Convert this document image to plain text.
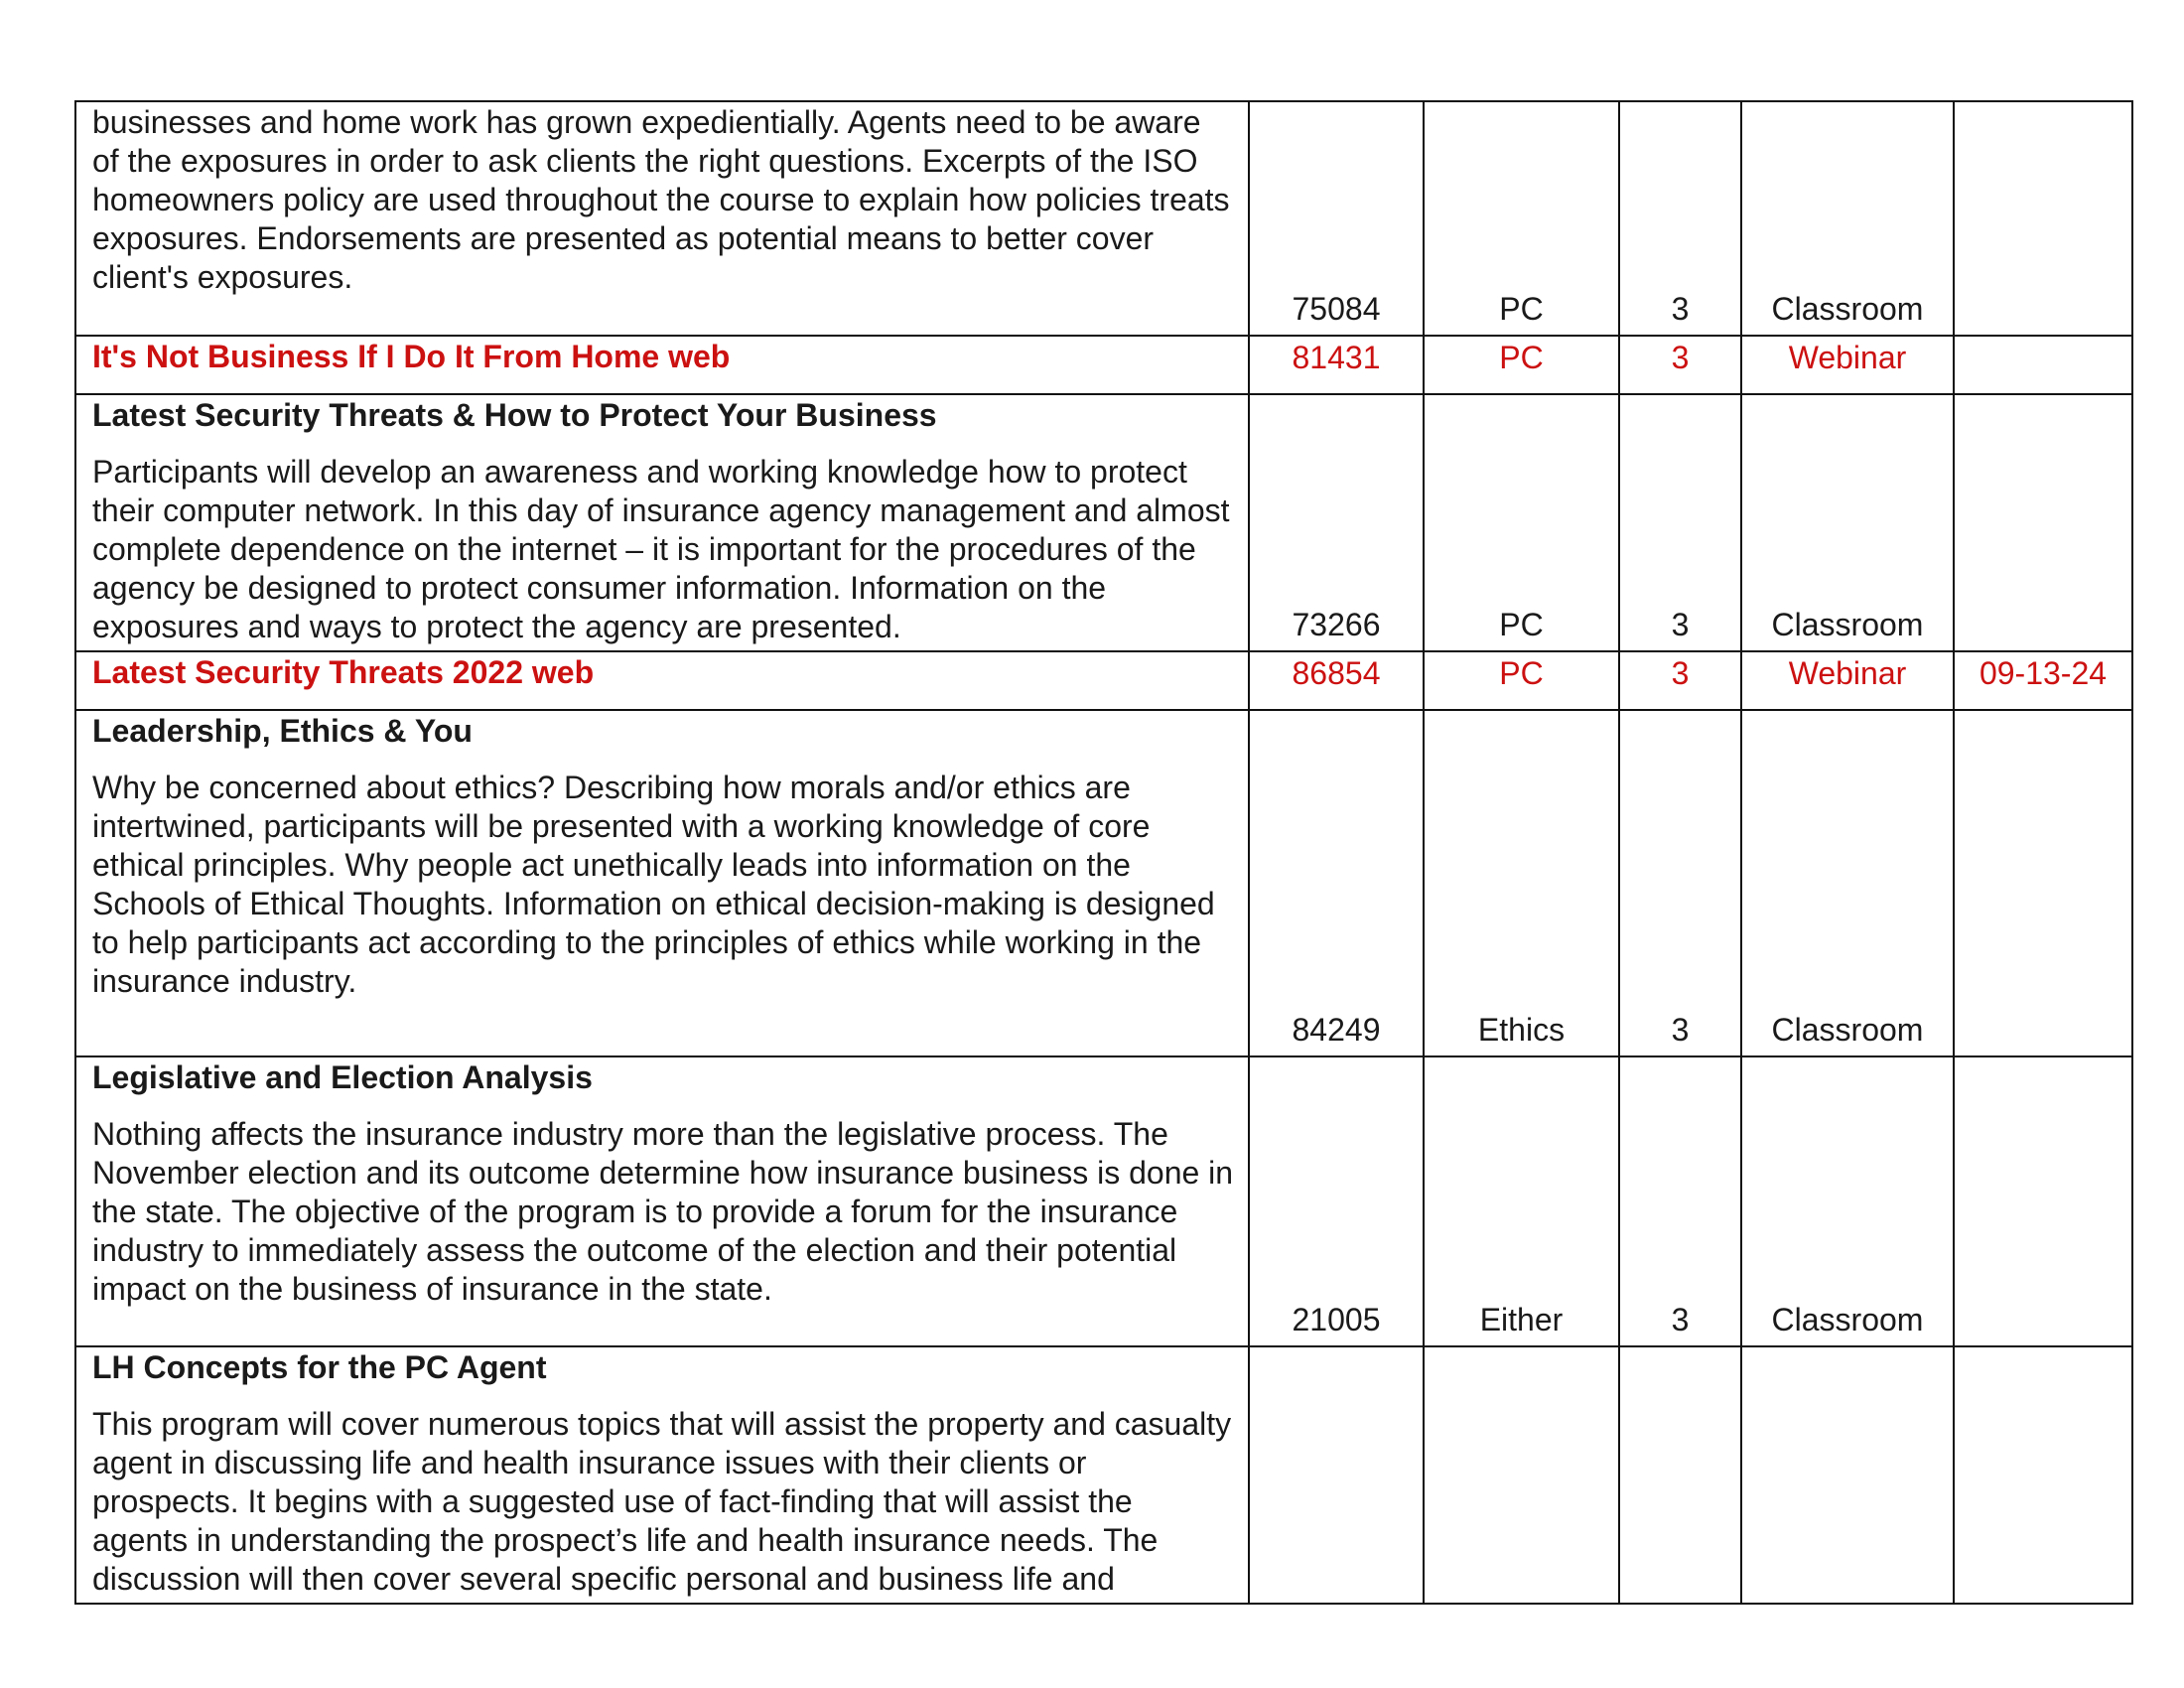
businesses and home work has grown expedientially. Agents need to be aware of the exposures in order to ask clients the right questions. Excerpts of the ISO homeowners policy are used throughout the course to explain how policies treats exposures. Endorsements are presented as potential means to better cover client's exposures.	75084	PC	3	Classroom	

It's Not Business If I Do It From Home web	81431	PC	3	Webinar	

Latest Security Threats & How to Protect Your Business

Participants will develop an awareness and working knowledge how to protect their computer network. In this day of insurance agency management and almost complete dependence on the internet – it is important for the procedures of the agency be designed to protect consumer information. Information on the exposures and ways to protect the agency are presented.	73266	PC	3	Classroom	

Latest Security Threats 2022 web	86854	PC	3	Webinar	09-13-24

Leadership, Ethics & You

Why be concerned about ethics? Describing how morals and/or ethics are intertwined, participants will be presented with a working knowledge of core ethical principles. Why people act unethically leads into information on the Schools of Ethical Thoughts. Information on ethical decision-making is designed to help participants act according to the principles of ethics while working in the insurance industry.	84249	Ethics	3	Classroom	

Legislative and Election Analysis

Nothing affects the insurance industry more than the legislative process. The November election and its outcome determine how insurance business is done in the state. The objective of the program is to provide a forum for the insurance industry to immediately assess the outcome of the election and their potential impact on the business of insurance in the state.	21005	Either	3	Classroom	

LH Concepts for the PC Agent

This program will cover numerous topics that will assist the property and casualty agent in discussing life and health insurance issues with their clients or prospects. It begins with a suggested use of fact-finding that will assist the agents in understanding the prospect’s life and health insurance needs. The discussion will then cover several specific personal and business life and					
